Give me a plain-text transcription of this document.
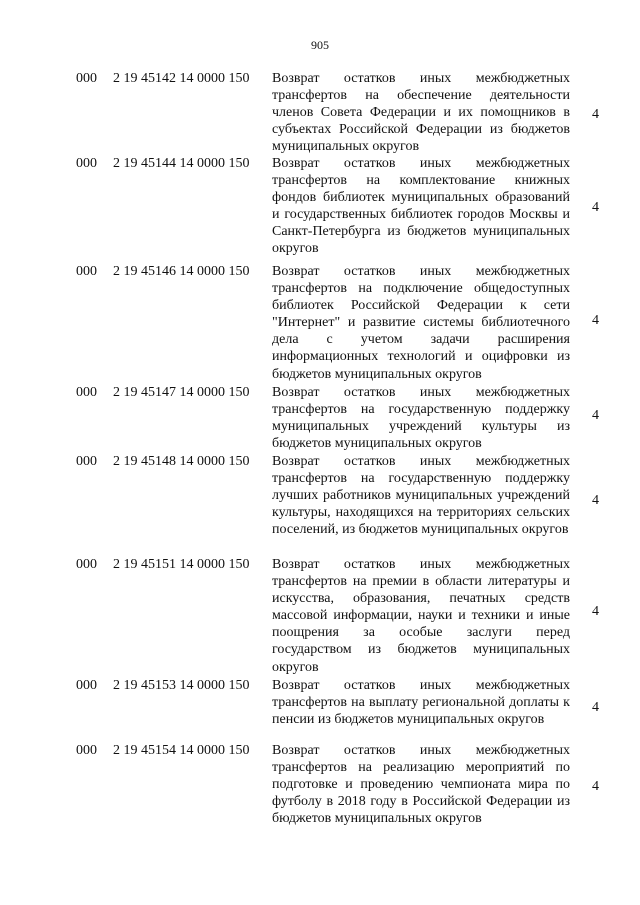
905
000 2 19 45142 14 0000 150 Возврат остатков иных межбюджетных трансфертов на обеспечение деятельности членов Совета Федерации и их помощников в субъектах Российской Федерации из бюджетов муниципальных округов
4
000 2 19 45144 14 0000 150 Возврат остатков иных межбюджетных трансфертов на комплектование книжных фондов библиотек муниципальных образований и государственных библиотек городов Москвы и Санкт-Петербурга из бюджетов муниципальных округов
4
000 2 19 45146 14 0000 150 Возврат остатков иных межбюджетных трансфертов на подключение общедоступных библиотек Российской Федерации к сети "Интернет" и развитие системы библиотечного дела с учетом задачи расширения информационных технологий и оцифровки из бюджетов муниципальных округов
4
000 2 19 45147 14 0000 150 Возврат остатков иных межбюджетных трансфертов на государственную поддержку муниципальных учреждений культуры из бюджетов муниципальных округов
4
000 2 19 45148 14 0000 150 Возврат остатков иных межбюджетных трансфертов на государственную поддержку лучших работников муниципальных учреждений культуры, находящихся на территориях сельских поселений, из бюджетов муниципальных округов
4
000 2 19 45151 14 0000 150 Возврат остатков иных межбюджетных трансфертов на премии в области литературы и искусства, образования, печатных средств массовой информации, науки и техники и иные поощрения за особые заслуги перед государством из бюджетов муниципальных округов
4
000 2 19 45153 14 0000 150 Возврат остатков иных межбюджетных трансфертов на выплату региональной доплаты к пенсии из бюджетов муниципальных округов
4
000 2 19 45154 14 0000 150 Возврат остатков иных межбюджетных трансфертов на реализацию мероприятий по подготовке и проведению чемпионата мира по футболу в 2018 году в Российской Федерации из бюджетов муниципальных округов
4
